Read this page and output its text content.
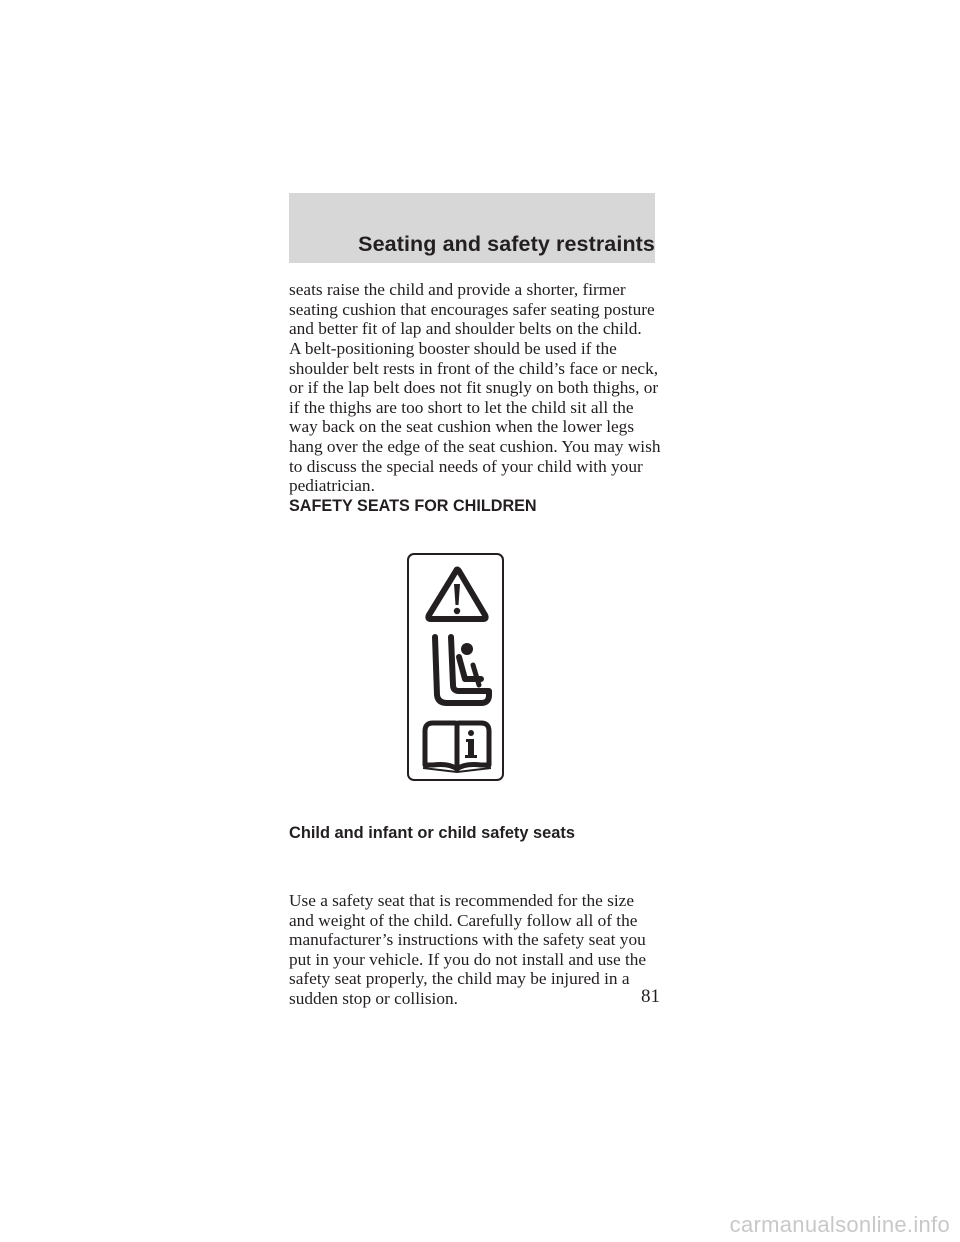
Seating and safety restraints

seats raise the child and provide a shorter, firmer seating cushion that encourages safer seating posture and better fit of lap and shoulder belts on the child.

A belt-positioning booster should be used if the shoulder belt rests in front of the child’s face or neck, or if the lap belt does not fit snugly on both thighs, or if the thighs are too short to let the child sit all the way back on the seat cushion when the lower legs hang over the edge of the seat cushion. You may wish to discuss the special needs of your child with your pediatrician.

SAFETY SEATS FOR CHILDREN
Child and infant or child safety seats

Use a safety seat that is recommended for the size and weight of the child. Carefully follow all of the manufacturer’s instructions with the safety seat you put in your vehicle. If you do not install and use the safety seat properly, the child may be injured in a sudden stop or collision.	81

carmanualsonline.info
